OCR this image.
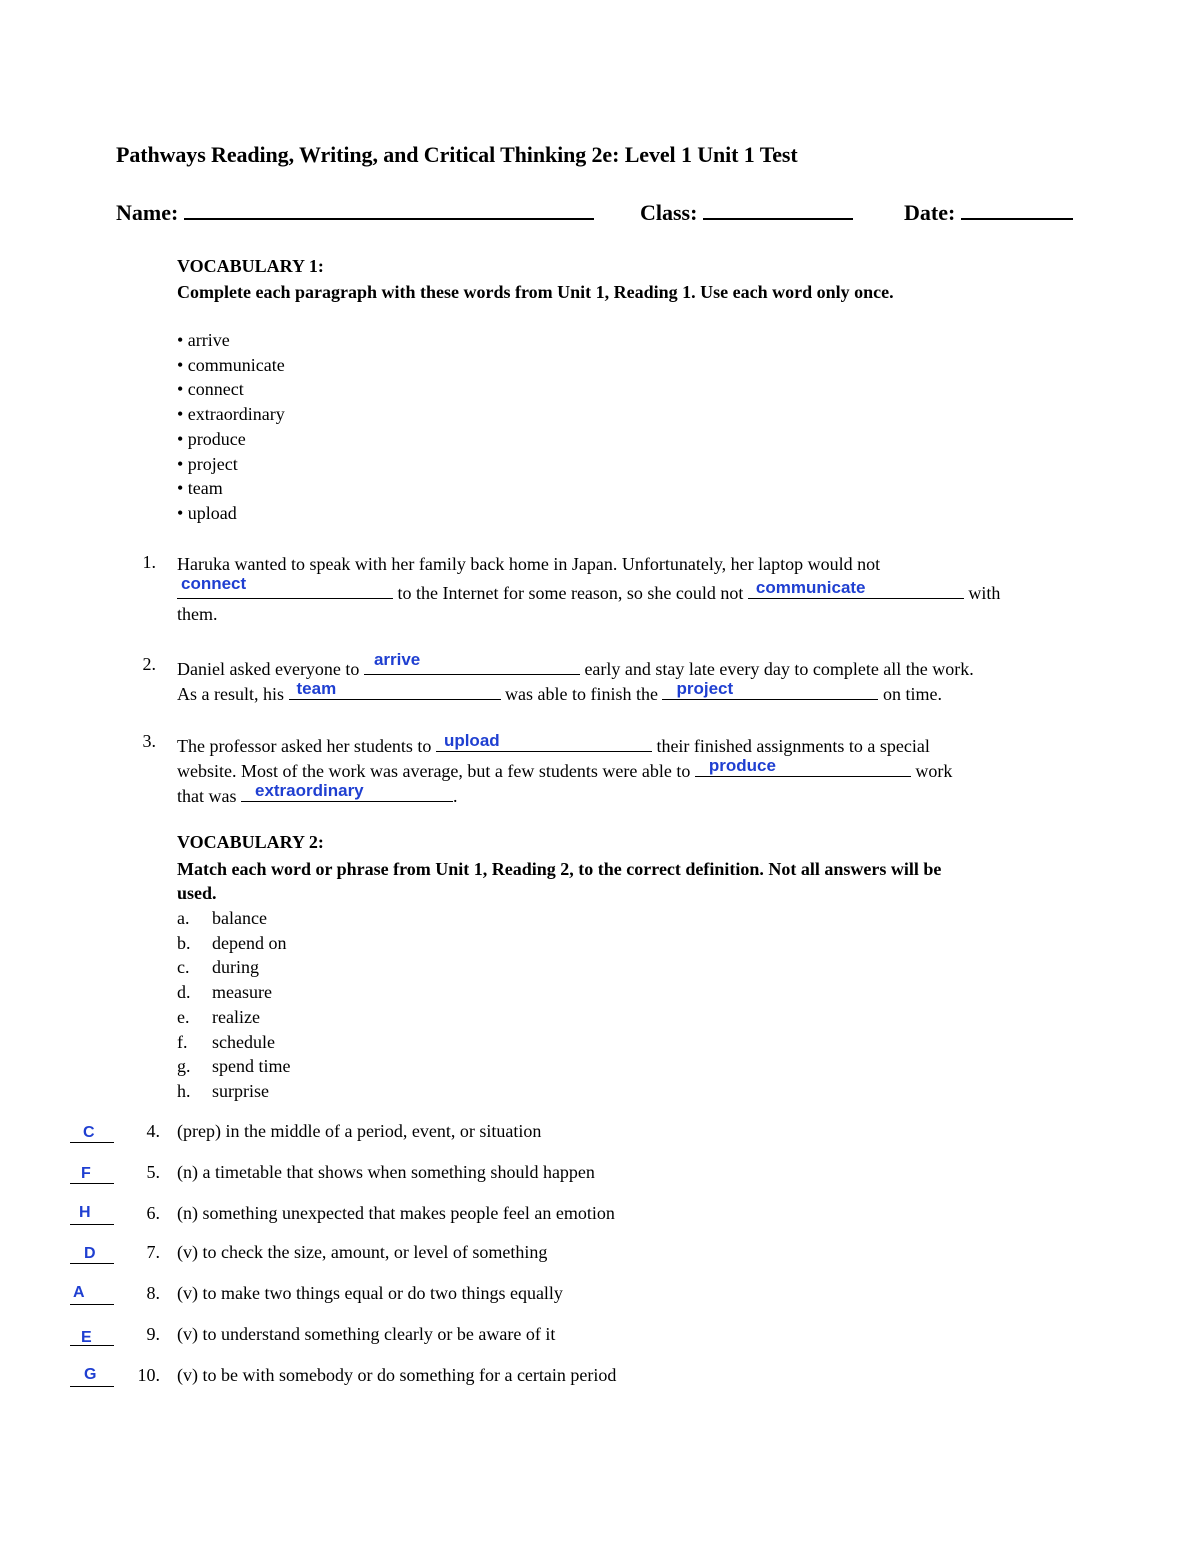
Pathways Reading, Writing, and Critical Thinking 2e: Level 1 Unit 1 Test
Name:	Class:	Date:
VOCABULARY 1:
Complete each paragraph with these words from Unit 1, Reading 1. Use each word only once.
• arrive
• communicate
• connect
• extraordinary
• produce
• project
• team
• upload
1. Haruka wanted to speak with her family back home in Japan. Unfortunately, her laptop would not
connect	to the Internet for some reason, so she could not communicate	with
them.
2. Daniel asked everyone to arrive	early and stay late every day to complete all the work.
As a result, his team	was able to finish the project	on time.
3. The professor asked her students to upload	their finished assignments to a special
website. Most of the work was average, but a few students were able to produce	work
that was extraordinary	.
VOCABULARY 2:
Match each word or phrase from Unit 1, Reading 2, to the correct definition. Not all answers will be
used.
a. balance
b. depend on
c. during
d. measure
e. realize
f. schedule
g. spend time
h. surprise
C	4. (prep) in the middle of a period, event, or situation
F	5. (n) a timetable that shows when something should happen
H	6. (n) something unexpected that makes people feel an emotion
D	7. (v) to check the size, amount, or level of something
A	8. (v) to make two things equal or do two things equally
E	9. (v) to understand something clearly or be aware of it
G	10. (v) to be with somebody or do something for a certain period
